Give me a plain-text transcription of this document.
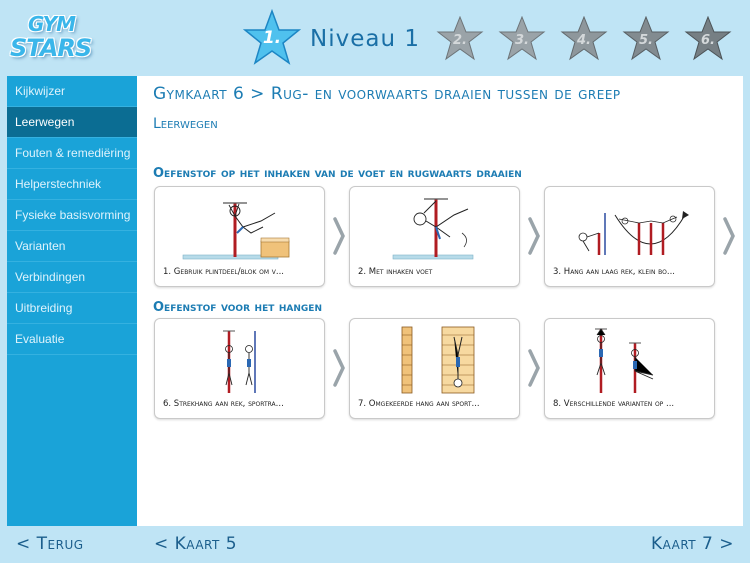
GYM
STARS	1.	Niveau 1	2.	3.	4.	5.	6.
Kijkwijzer
Leerwegen
Fouten & remediëring
Helperstechniek
Fysieke basisvorming
Varianten
Verbindingen
Uitbreiding
Evaluatie
Gymkaart 6 > Rug- en voorwaarts draaien tussen de greep
Leerwegen
Oefenstof op het inhaken van de voet en rugwaarts draaien
1. Gebruik plintdeel/blok om v...	2. Met inhaken voet	3. Hang aan laag rek, klein bo...
Oefenstof voor het hangen
6. Strekhang aan rek, sportra...	7. Omgekeerde hang aan sport...	8. Verschillende varianten op ...
< Terug	< Kaart 5	Kaart 7 >
